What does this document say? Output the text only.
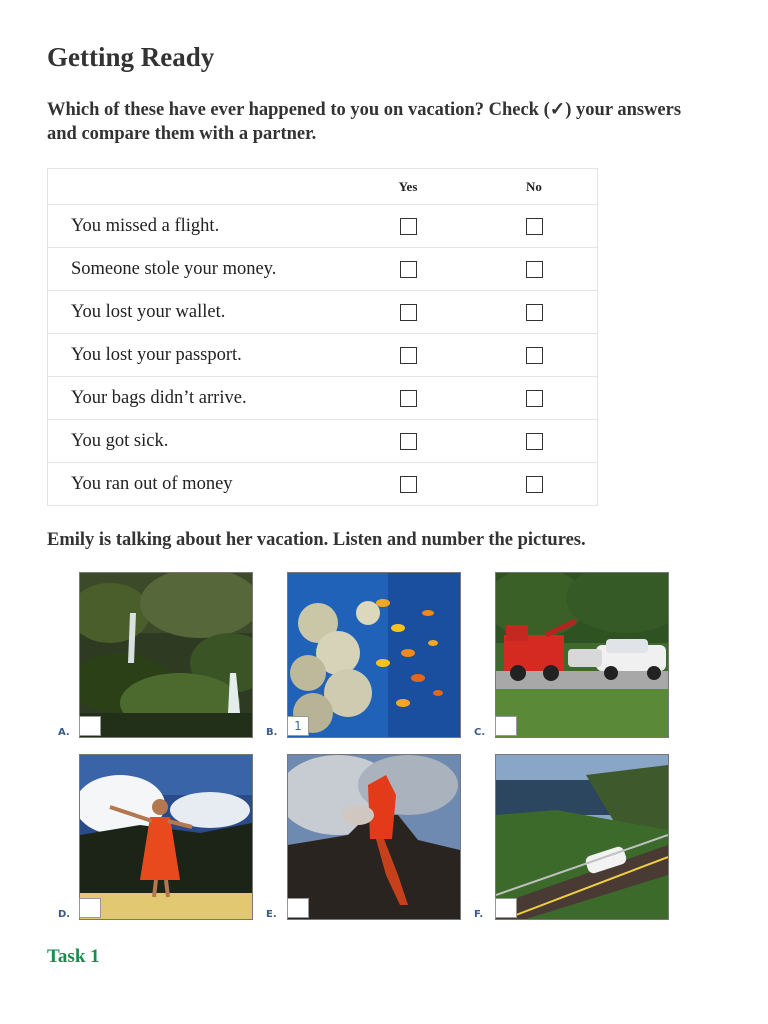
Getting Ready

Which of these have ever happened to you on vacation? Check (✓) your answers and compare them with a partner.

	Yes	No
You missed a flight.		
Someone stole your money.		
You lost your wallet.		
You lost your passport.		
Your bags didn’t arrive.		
You got sick.		
You ran out of money		

Emily is talking about her vacation. Listen and number the pictures.

A.	B.	1	C.
D.	E.	F.

Task 1
